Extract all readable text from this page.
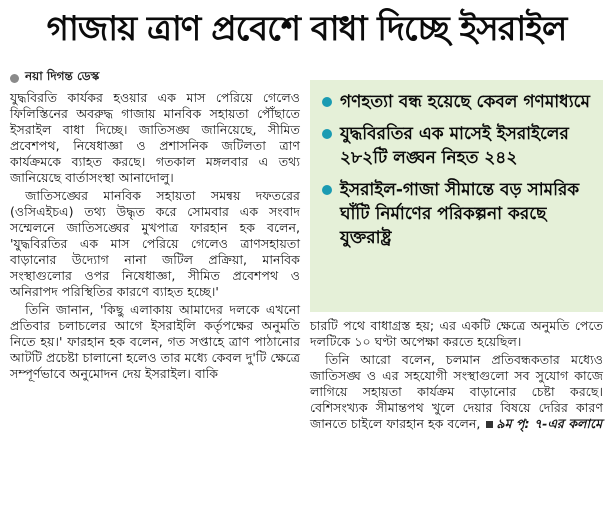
গাজায় ত্রাণ প্রবেশে বাধা দিচ্ছে ইসরাইল
নয়া দিগন্ত ডেস্ক

যুদ্ধবিরতি কার্যকর হওয়ার এক মাস পেরিয়ে গেলেও ফিলিস্তিনের অবরুদ্ধ গাজায় মানবিক সহায়তা পৌঁছাতে ইসরাইল বাধা দিচ্ছে। জাতিসঙ্ঘ জানিয়েছে, সীমিত প্রবেশপথ, নিষেধাজ্ঞা ও প্রশাসনিক জটিলতা ত্রাণ কার্যক্রমকে ব্যাহত করছে। গতকাল মঙ্গলবার এ তথ্য জানিয়েছে বার্তাসংস্থা আনাদোলু।

জাতিসঙ্ঘের মানবিক সহায়তা সমন্বয় দফতরের (ওসিএইচএ) তথ্য উদ্ধৃত করে সোমবার এক সংবাদ সম্মেলনে জাতিসঙ্ঘের মুখপাত্র ফারহান হক বলেন, 'যুদ্ধবিরতির এক মাস পেরিয়ে গেলেও ত্রাণসহায়তা বাড়ানোর উদ্যোগ নানা জটিল প্রক্রিয়া, মানবিক সংস্থাগুলোর ওপর নিষেধাজ্ঞা, সীমিত প্রবেশপথ ও অনিরাপদ পরিস্থিতির কারণে ব্যাহত হচ্ছে।'

তিনি জানান, 'কিছু এলাকায় আমাদের দলকে এখনো প্রতিবার চলাচলের আগে ইসরাইলি কর্তৃপক্ষের অনুমতি নিতে হয়।' ফারহান হক বলেন, গত সপ্তাহে ত্রাণ পাঠানোর আটটি প্রচেষ্টা চালানো হলেও তার মধ্যে কেবল দু'টি ক্ষেত্রে সম্পূর্ণভাবে অনুমোদন দেয় ইসরাইল। বাকি

গণহত্যা বন্ধ হয়েছে কেবল গণমাধ্যমে
যুদ্ধবিরতির এক মাসেই ইসরাইলের ২৮২টি লঙ্ঘন নিহত ২৪২
ইসরাইল-গাজা সীমান্তে বড় সামরিক ঘাঁটি নির্মাণের পরিকল্পনা করছে যুক্তরাষ্ট্র

চারটি পথে বাধাগ্রস্ত হয়; এর একটি ক্ষেত্রে অনুমতি পেতে দলটিকে ১০ ঘণ্টা অপেক্ষা করতে হয়েছিল।

তিনি আরো বলেন, চলমান প্রতিবন্ধকতার মধ্যেও জাতিসঙ্ঘ ও এর সহযোগী সংস্থাগুলো সব সুযোগ কাজে লাগিয়ে সহায়তা কার্যক্রম বাড়ানোর চেষ্টা করছে। বেশিসংখ্যক সীমান্তপথ খুলে দেয়ার বিষয়ে দেরির কারণ জানতে চাইলে ফারহান হক বলেন, ৯ম পৃ: ৭-এর কলামে
